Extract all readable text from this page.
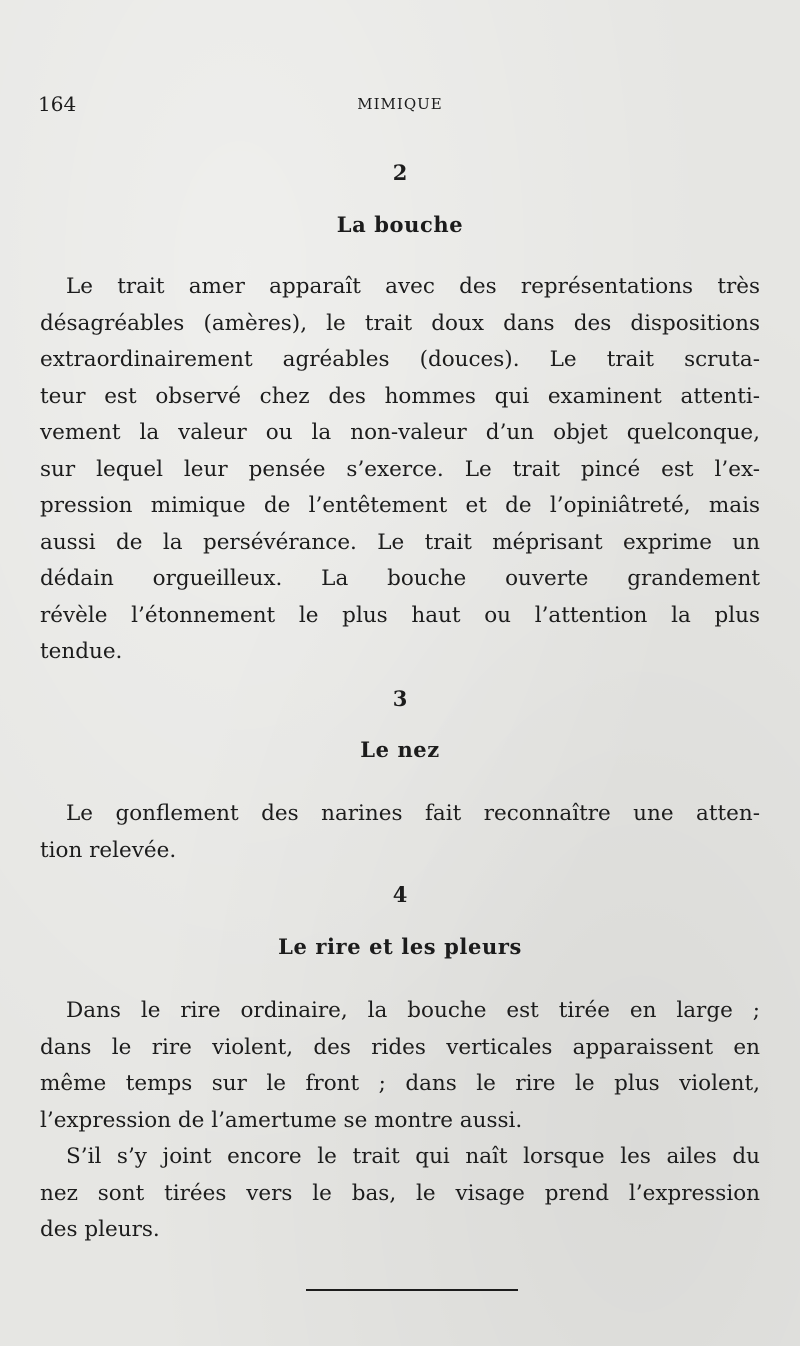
164	MIMIQUE
2
La bouche
Le trait amer apparaît avec des représentations très
désagréables (amères), le trait doux dans des dispositions
extraordinairement agréables (douces). Le trait scruta-
teur est observé chez des hommes qui examinent attenti-
vement la valeur ou la non-valeur d’un objet quelconque,
sur lequel leur pensée s’exerce. Le trait pincé est l’ex-
pression mimique de l’entêtement et de l’opiniâtreté, mais
aussi de la persévérance. Le trait méprisant exprime un
dédain orgueilleux. La bouche ouverte grandement
révèle l’étonnement le plus haut ou l’attention la plus
tendue.
3
Le nez
Le gonflement des narines fait reconnaître une atten-
tion relevée.
4
Le rire et les pleurs
Dans le rire ordinaire, la bouche est tirée en large ;
dans le rire violent, des rides verticales apparaissent en
même temps sur le front ; dans le rire le plus violent,
l’expression de l’amertume se montre aussi.
S’il s’y joint encore le trait qui naît lorsque les ailes du
nez sont tirées vers le bas, le visage prend l’expression
des pleurs.
